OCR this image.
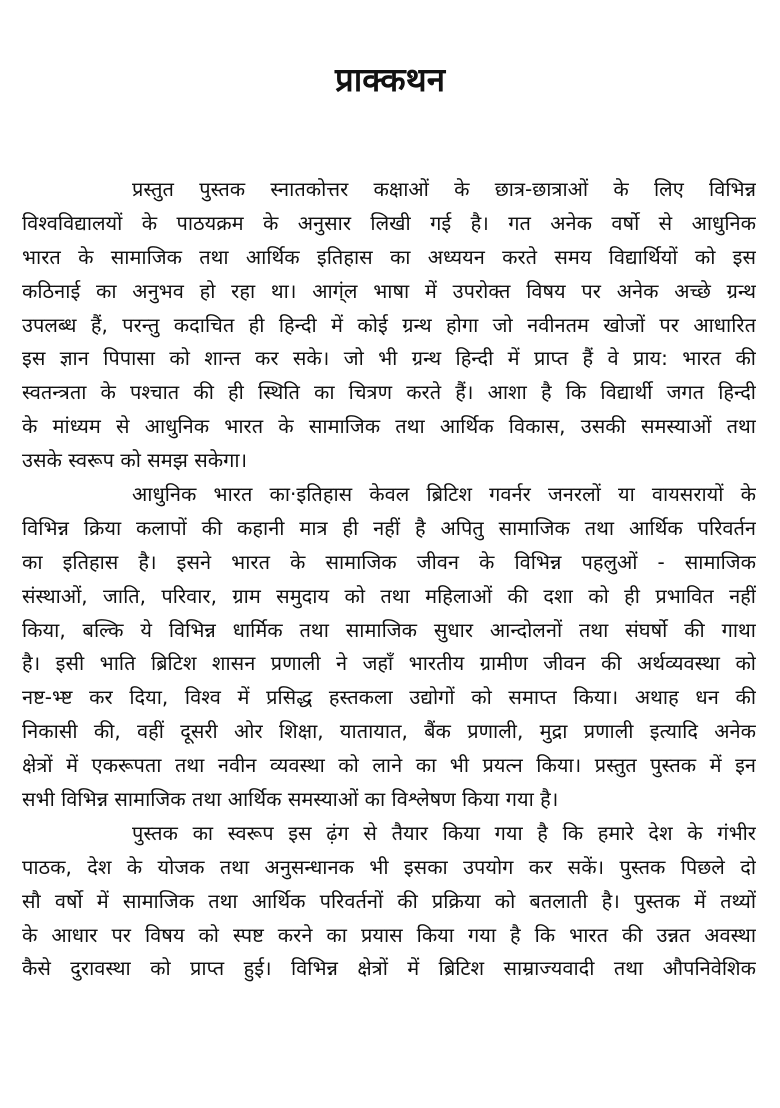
प्राक्कथन
प्रस्तुत पुस्तक स्नातकोत्तर कक्षाओं के छात्र-छात्राओं के लिए विभिन्न
विश्वविद्यालयों के पाठयक्रम के अनुसार लिखी गई है। गत अनेक वर्षो से आधुनिक
भारत के सामाजिक तथा आर्थिक इतिहास का अध्ययन करते समय विद्यार्थियों को इस
कठिनाई का अनुभव हो रहा था। आग्ंल भाषा में उपरोक्त विषय पर अनेक अच्छे ग्रन्थ
उपलब्ध हैं, परन्तु कदाचित ही हिन्दी में कोई ग्रन्थ होगा जो नवीनतम खोजों पर आधारित
इस ज्ञान पिपासा को शान्त कर सके। जो भी ग्रन्थ हिन्दी में प्राप्त हैं वे प्राय: भारत की
स्वतन्त्रता के पश्चात की ही स्थिति का चित्रण करते हैं। आशा है कि विद्यार्थी जगत हिन्दी
के मांध्यम से आधुनिक भारत के सामाजिक तथा आर्थिक विकास, उसकी समस्याओं तथा
उसके स्वरूप को समझ सकेगा।
आधुनिक भारत का·इतिहास केवल ब्रिटिश गवर्नर जनरलों या वायसरायों के
विभिन्न क्रिया कलापों की कहानी मात्र ही नहीं है अपितु सामाजिक तथा आर्थिक परिवर्तन
का इतिहास है। इसने भारत के सामाजिक जीवन के विभिन्न पहलुओं - सामाजिक
संस्थाओं, जाति, परिवार, ग्राम समुदाय को तथा महिलाओं की दशा को ही प्रभावित नहीं
किया, बल्कि ये विभिन्न धार्मिक तथा सामाजिक सुधार आन्दोलनों तथा संघर्षो की गाथा
है। इसी भाति ब्रिटिश शासन प्रणाली ने जहाँ भारतीय ग्रामीण जीवन की अर्थव्यवस्था को
नष्ट-भ्ष्ट कर दिया, विश्व में प्रसिद्ध हस्तकला उद्योगों को समाप्त किया। अथाह धन की
निकासी की, वहीं दूसरी ओर शिक्षा, यातायात, बैंक प्रणाली, मुद्रा प्रणाली इत्यादि अनेक
क्षेत्रों में एकरूपता तथा नवीन व्यवस्था को लाने का भी प्रयत्न किया। प्रस्तुत पुस्तक में इन
सभी विभिन्न सामाजिक तथा आर्थिक समस्याओं का विश्लेषण किया गया है।
पुस्तक का स्वरूप इस ढ़ंग से तैयार किया गया है कि हमारे देश के गंभीर
पाठक, देश के योजक तथा अनुसन्धानक भी इसका उपयोग कर सकें। पुस्तक पिछले दो
सौ वर्षो में सामाजिक तथा आर्थिक परिवर्तनों की प्रक्रिया को बतलाती है। पुस्तक में तथ्यों
के आधार पर विषय को स्पष्ट करने का प्रयास किया गया है कि भारत की उन्नत अवस्था
कैसे दुरावस्था को प्राप्त हुई। विभिन्न क्षेत्रों में ब्रिटिश साम्राज्यवादी तथा औपनिवेशिक
